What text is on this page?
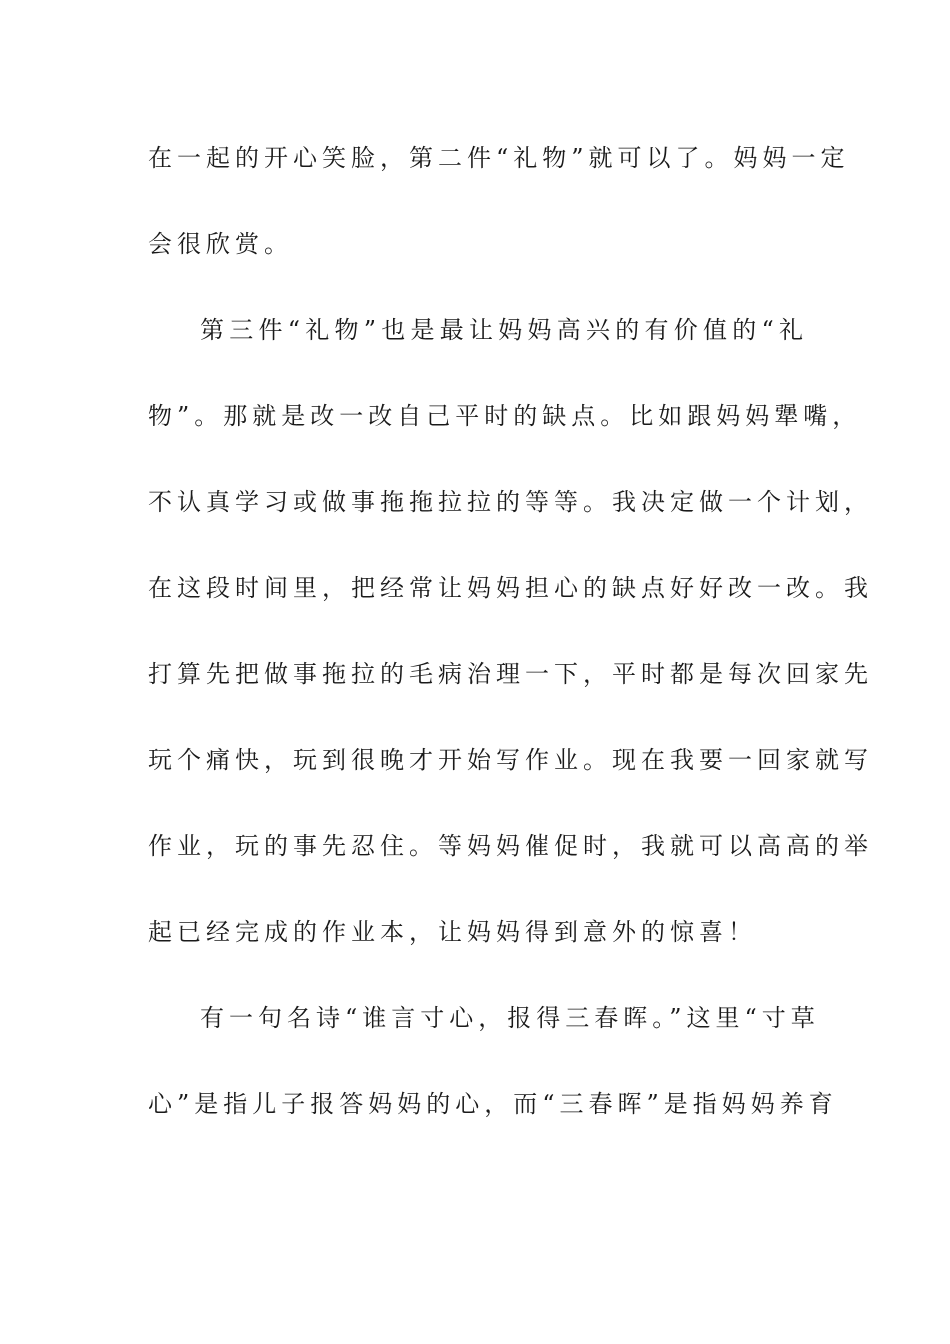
在一起的开心笑脸，第二件“礼物”就可以了。妈妈一定
会很欣赏。
第三件“礼物”也是最让妈妈高兴的有价值的“礼
物”。那就是改一改自己平时的缺点。比如跟妈妈犟嘴，
不认真学习或做事拖拖拉拉的等等。我决定做一个计划，
在这段时间里，把经常让妈妈担心的缺点好好改一改。我
打算先把做事拖拉的毛病治理一下，平时都是每次回家先
玩个痛快，玩到很晚才开始写作业。现在我要一回家就写
作业，玩的事先忍住。等妈妈催促时，我就可以高高的举
起已经完成的作业本，让妈妈得到意外的惊喜！
有一句名诗“谁言寸心，报得三春晖。”这里“寸草
心”是指儿子报答妈妈的心，而“三春晖”是指妈妈养育
